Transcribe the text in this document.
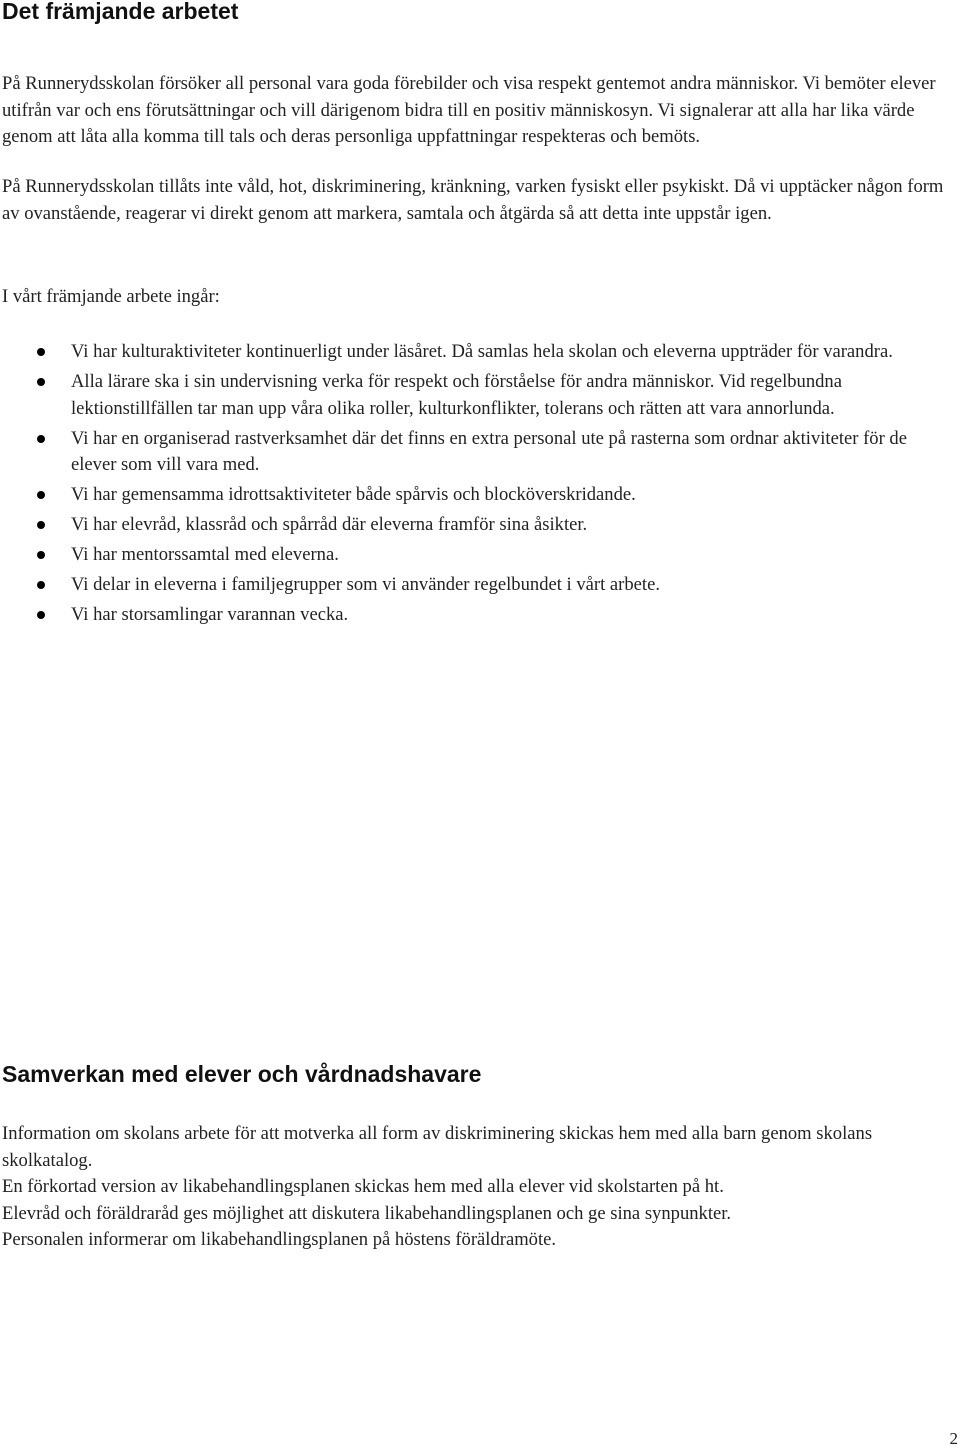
Det främjande arbetet

På Runnerydsskolan försöker all personal vara goda förebilder och visa respekt gentemot andra människor. Vi bemöter elever utifrån var och ens förutsättningar och vill därigenom bidra till en positiv människosyn. Vi signalerar att alla har lika värde genom att låta alla komma till tals och deras personliga uppfattningar respekteras och bemöts.

På Runnerydsskolan tillåts inte våld, hot, diskriminering, kränkning, varken fysiskt eller psykiskt. Då vi upptäcker någon form av ovanstående, reagerar vi direkt genom att markera, samtala och åtgärda så att detta inte uppstår igen.

I vårt främjande arbete ingår:

Vi har kulturaktiviteter kontinuerligt under läsåret. Då samlas hela skolan och eleverna uppträder för varandra.
Alla lärare ska i sin undervisning verka för respekt och förståelse för andra människor. Vid regelbundna lektionstillfällen tar man upp våra olika roller, kulturkonflikter, tolerans och rätten att vara annorlunda.
Vi har en organiserad rastverksamhet där det finns en extra personal ute på rasterna som ordnar aktiviteter för de elever som vill vara med.
Vi har gemensamma idrottsaktiviteter både spårvis och blocköverskridande.
Vi har elevråd, klassråd och spårråd där eleverna framför sina åsikter.
Vi har mentorssamtal med eleverna.
Vi delar in eleverna i familjegrupper som vi använder regelbundet i vårt arbete.
Vi har storsamlingar varannan vecka.
Samverkan med elever och vårdnadshavare

Information om skolans arbete för att motverka all form av diskriminering skickas hem med alla barn genom skolans skolkatalog.

En förkortad version av likabehandlingsplanen skickas hem med alla elever vid skolstarten på ht.

Elevråd och föräldraråd ges möjlighet att diskutera likabehandlingsplanen och ge sina synpunkter.

Personalen informerar om likabehandlingsplanen på höstens föräldramöte.

2
